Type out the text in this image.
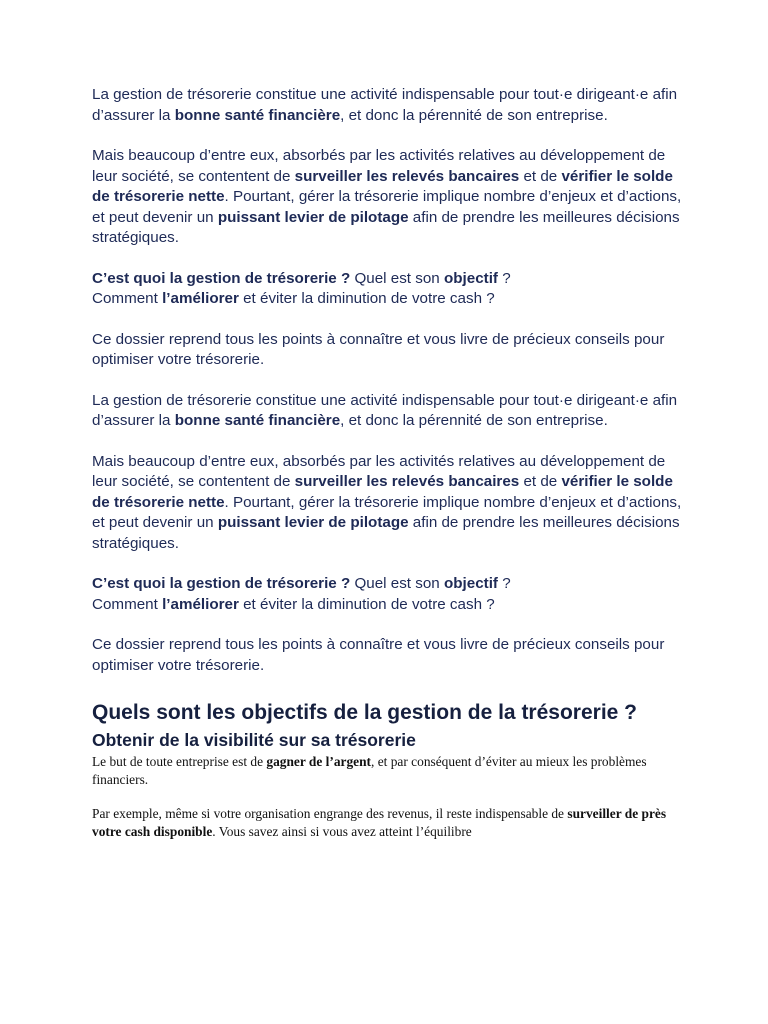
La gestion de trésorerie constitue une activité indispensable pour tout·e dirigeant·e afin d’assurer la bonne santé financière, et donc la pérennité de son entreprise.

Mais beaucoup d’entre eux, absorbés par les activités relatives au développement de leur société, se contentent de surveiller les relevés bancaires et de vérifier le solde de trésorerie nette. Pourtant, gérer la trésorerie implique nombre d’enjeux et d’actions, et peut devenir un puissant levier de pilotage afin de prendre les meilleures décisions stratégiques.

C’est quoi la gestion de trésorerie ? Quel est son objectif ?
Comment l’améliorer et éviter la diminution de votre cash ?

Ce dossier reprend tous les points à connaître et vous livre de précieux conseils pour optimiser votre trésorerie.

La gestion de trésorerie constitue une activité indispensable pour tout·e dirigeant·e afin d’assurer la bonne santé financière, et donc la pérennité de son entreprise.

Mais beaucoup d’entre eux, absorbés par les activités relatives au développement de leur société, se contentent de surveiller les relevés bancaires et de vérifier le solde de trésorerie nette. Pourtant, gérer la trésorerie implique nombre d’enjeux et d’actions, et peut devenir un puissant levier de pilotage afin de prendre les meilleures décisions stratégiques.

C’est quoi la gestion de trésorerie ? Quel est son objectif ?
Comment l’améliorer et éviter la diminution de votre cash ?

Ce dossier reprend tous les points à connaître et vous livre de précieux conseils pour optimiser votre trésorerie.

Quels sont les objectifs de la gestion de la trésorerie ?
Obtenir de la visibilité sur sa trésorerie

Le but de toute entreprise est de gagner de l’argent, et par conséquent d’éviter au mieux les problèmes financiers.

Par exemple, même si votre organisation engrange des revenus, il reste indispensable de surveiller de près votre cash disponible. Vous savez ainsi si vous avez atteint l’équilibre
